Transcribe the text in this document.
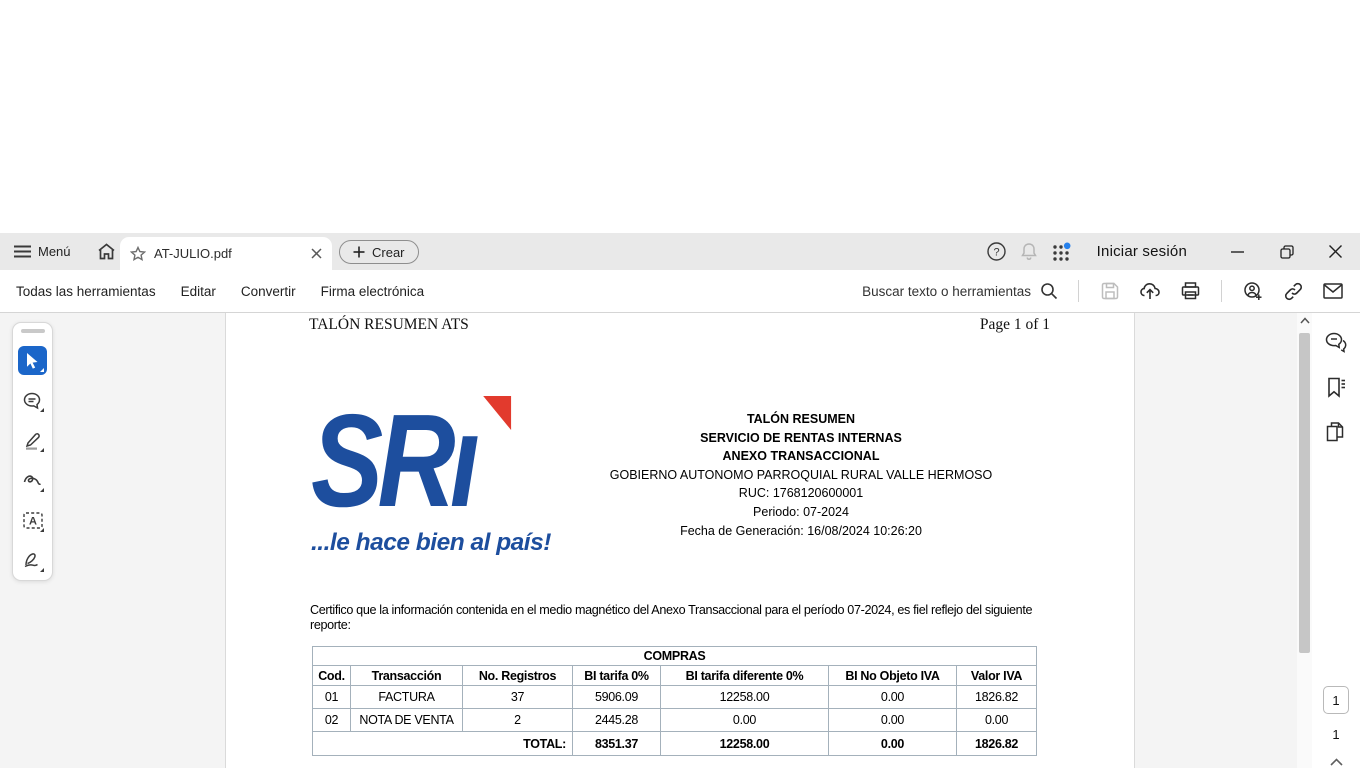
Menú	AT-JULIO.pdf	Crear	?	Iniciar sesión
Todas las herramientas Editar Convertir Firma electrónica	Buscar texto o herramientas
TALÓN RESUMEN ATS	Page 1 of 1
SRı
...le hace bien al país!
TALÓN RESUMEN
SERVICIO DE RENTAS INTERNAS
ANEXO TRANSACCIONAL
GOBIERNO AUTONOMO PARROQUIAL RURAL VALLE HERMOSO
RUC: 1768120600001
Periodo: 07-2024
Fecha de Generación: 16/08/2024 10:26:20
Certifico que la información contenida en el medio magnético del Anexo Transaccional para el período 07-2024, es fiel reflejo del siguiente reporte:
COMPRAS						
Cod.	Transacción	No. Registros	BI tarifa 0%	BI tarifa diferente 0%	BI No Objeto IVA	Valor IVA
01	FACTURA	37	5906.09	12258.00	0.00	1826.82
02	NOTA DE VENTA	2	2445.28	0.00	0.00	0.00
TOTAL:			8351.37	12258.00	0.00	1826.82
A
1
1
